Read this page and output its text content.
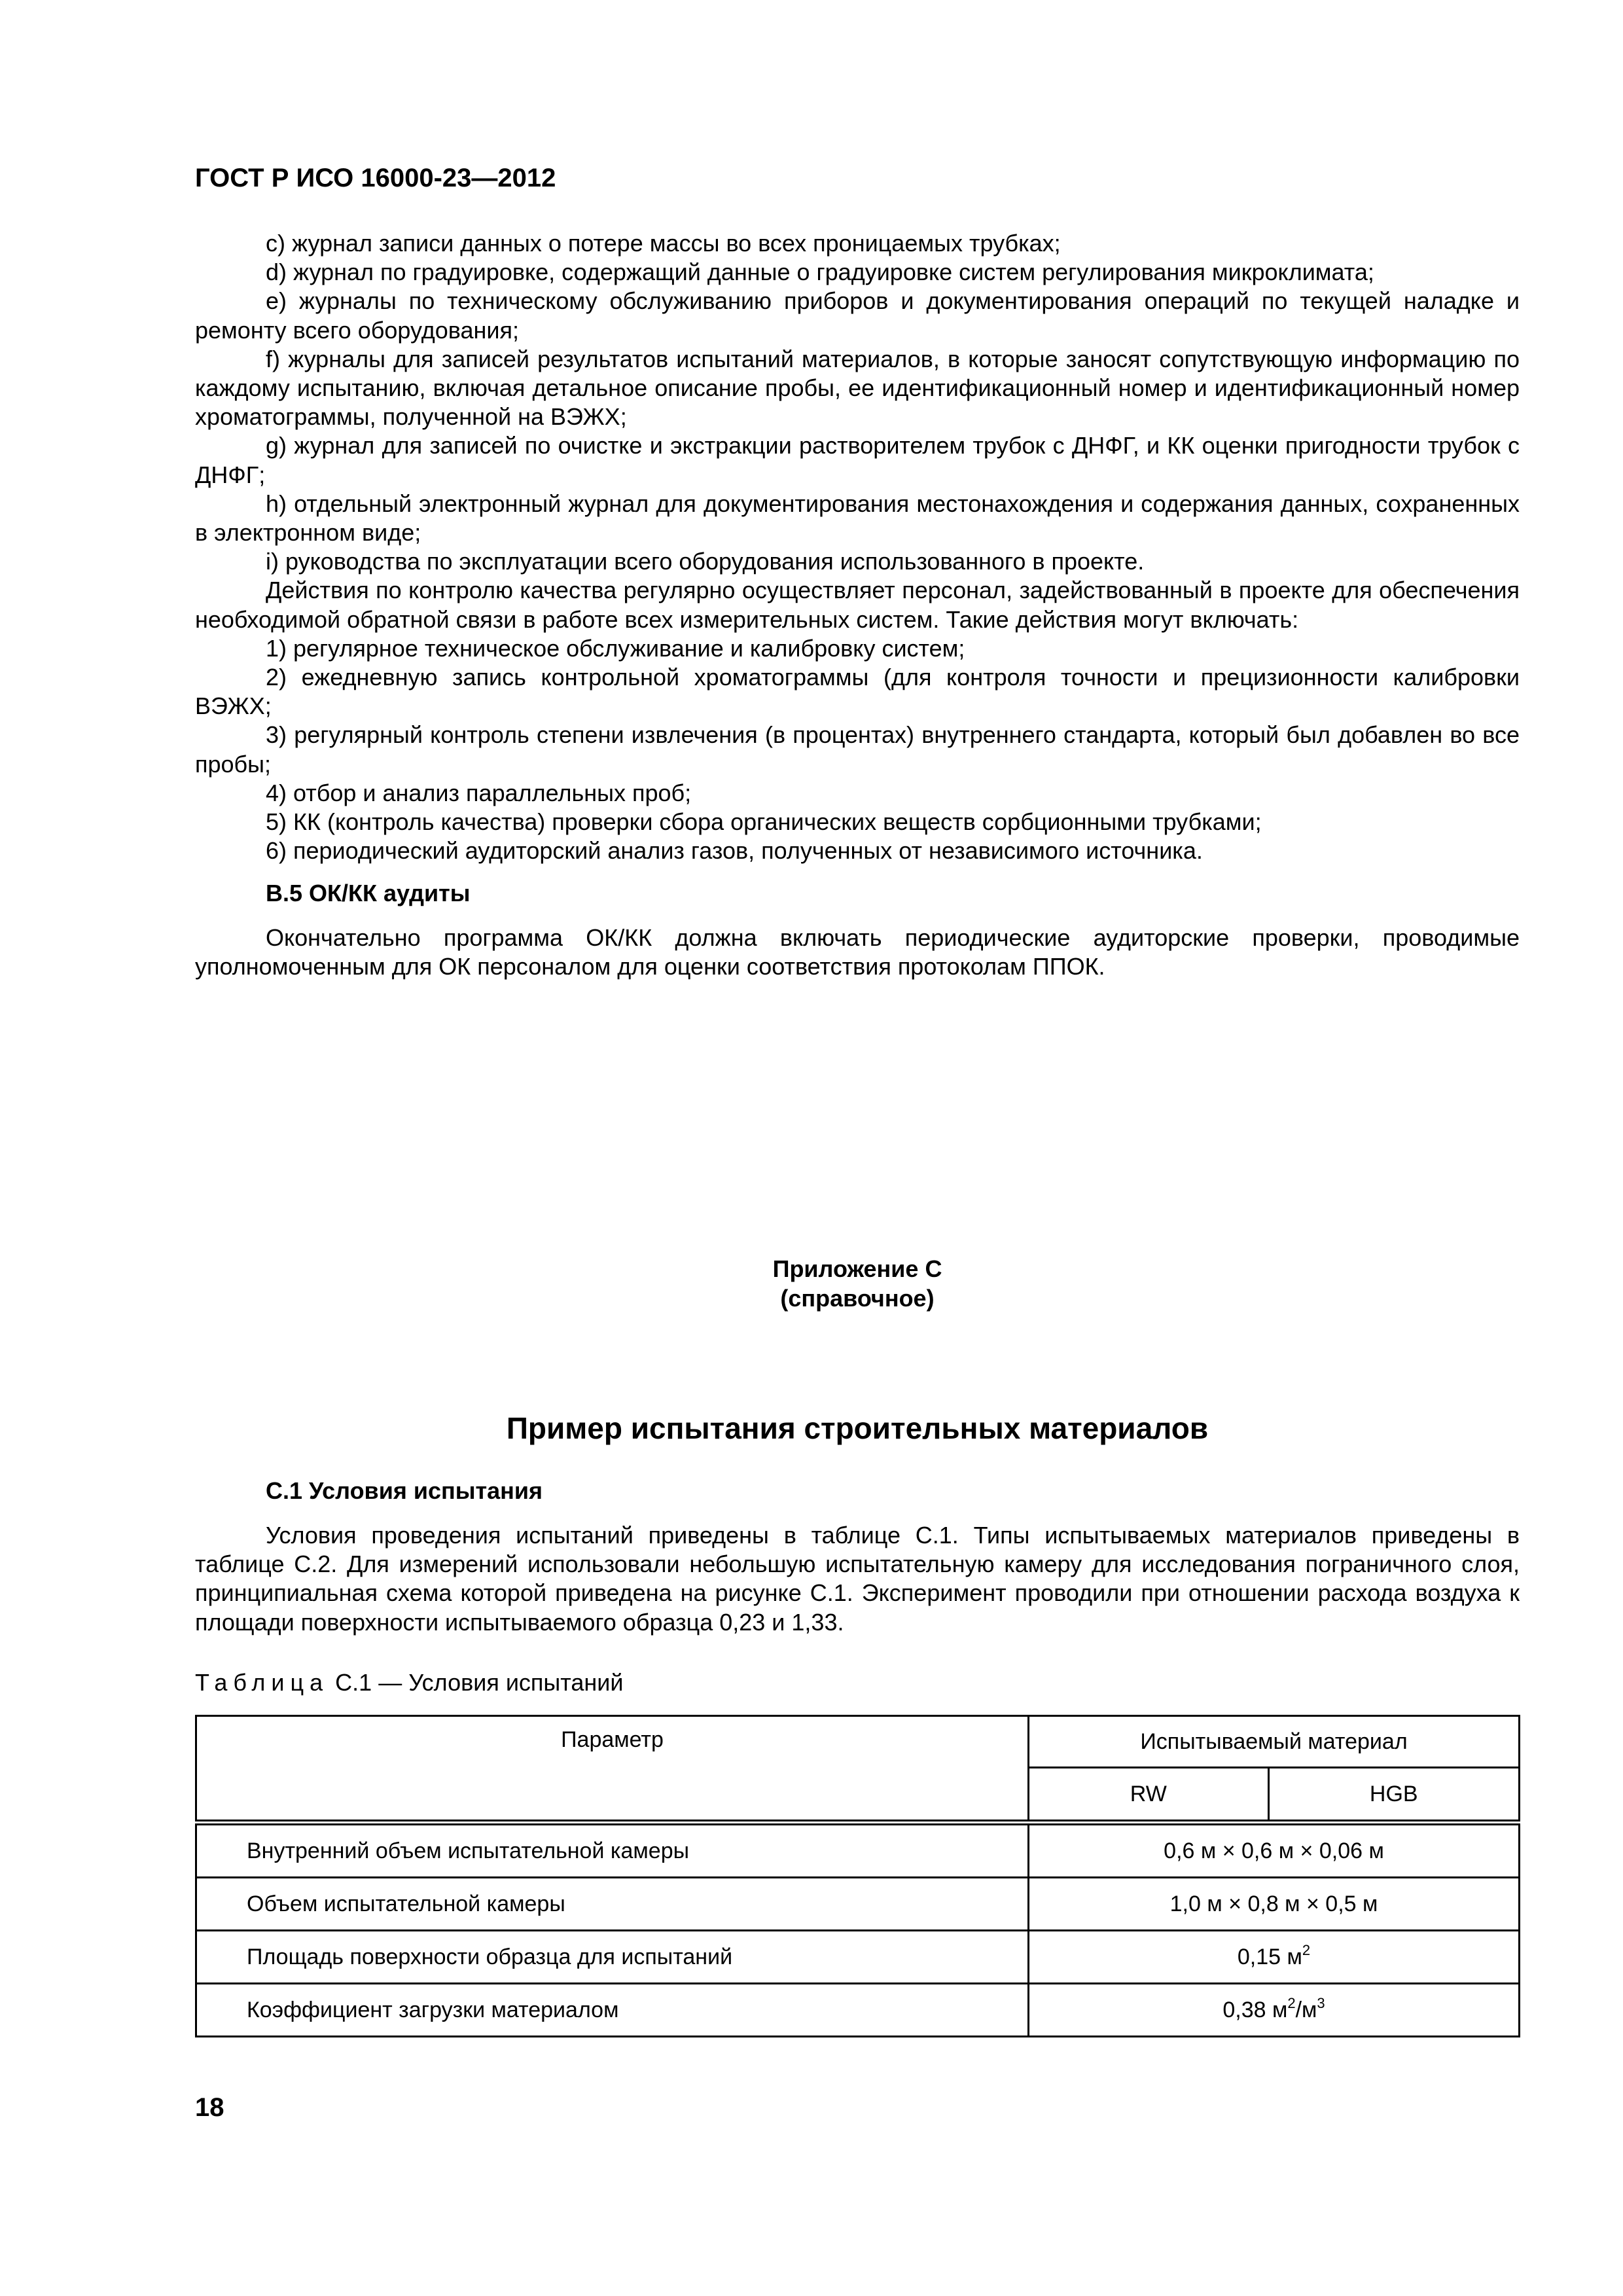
ГОСТ Р ИСО 16000-23—2012

c) журнал записи данных о потере массы во всех проницаемых трубках;

d) журнал по градуировке, содержащий данные о градуировке систем регулирования микроклимата;

e) журналы по техническому обслуживанию приборов и документирования операций по текущей наладке и ремонту всего оборудования;

f) журналы для записей результатов испытаний материалов, в которые заносят сопутствующую информацию по каждому испытанию, включая детальное описание пробы, ее идентификационный номер и идентификационный номер хроматограммы, полученной на ВЭЖХ;

g) журнал для записей по очистке и экстракции растворителем трубок с ДНФГ, и КК оценки пригодности трубок с ДНФГ;

h) отдельный электронный журнал для документирования местонахождения и содержания данных, сохраненных в электронном виде;

i) руководства по эксплуатации всего оборудования использованного в проекте.

Действия по контролю качества регулярно осуществляет персонал, задействованный в проекте для обеспечения необходимой обратной связи в работе всех измерительных систем. Такие действия могут включать:

1) регулярное техническое обслуживание и калибровку систем;

2) ежедневную запись контрольной хроматограммы (для контроля точности и прецизионности калибровки ВЭЖХ;

3) регулярный контроль степени извлечения (в процентах) внутреннего стандарта, который был добавлен во все пробы;

4) отбор и анализ параллельных проб;

5) КК (контроль качества) проверки сбора органических веществ сорбционными трубками;

6) периодический аудиторский анализ газов, полученных от независимого источника.

В.5 ОК/КК аудиты

Окончательно программа ОК/КК должна включать периодические аудиторские проверки, проводимые уполномоченным для ОК персоналом для оценки соответствия протоколам ППОК.

Приложение С
(справочное)
Пример испытания строительных материалов
С.1 Условия испытания

Условия проведения испытаний приведены в таблице С.1. Типы испытываемых материалов приведены в таблице С.2. Для измерений использовали небольшую испытательную камеру для исследования пограничного слоя, принципиальная схема которой приведена на рисунке С.1. Эксперимент проводили при отношении расхода воздуха к площади поверхности испытываемого образца 0,23 и 1,33.

Таблица С.1 — Условия испытаний
Параметр	Испытываемый материал	
	RW	HGB
Внутренний объем испытательной камеры	0,6 м × 0,6 м × 0,06 м	
Объем испытательной камеры	1,0 м × 0,8 м × 0,5 м	
Площадь поверхности образца для испытаний	0,15 $м^2$
Коэффициент загрузки материалом	0,38 $м^2/м^3$
18
